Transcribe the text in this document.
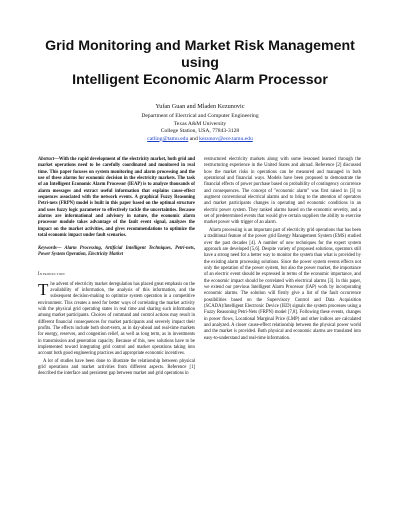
Grid Monitoring and Market Risk Management using
Intelligent Economic Alarm Processor
Yufan Guan and Mladen Kezunovic
Department of Electrical and Computer Engineering
Texas A&M University
College Station, USA, 77843-3128
catling@tamu.edu and kezunov@ece.tamu.edu

Abstract—With the rapid development of the electricity market, both grid and market operations need to be carefully coordinated and monitored in real time. This paper focuses on system monitoring and alarm processing and the use of these alarms for economic decision in the electricity markets. The task of an Intelligent Economic Alarm Processor (IEAP) is to analyze thousands of alarm messages and extract useful information that explains cause-effect sequences associated with the network events. A graphical Fuzzy Reasoning Petri-nets (FRPN) model is built in this paper based on the optimal structure and uses fuzzy logic parameter to effectively tackle the uncertainties. Because alarms are informational and advisory in nature, the economic alarm processor module takes advantage of the fault event signal, analyzes the impact on the market activities, and gives recommendations to optimize the total economic impact under fault scenarios.

Keywords— Alarm Processing, Artificial Intelligent Techniques, Petri-nets, Power System Operation, Electricity Market

Introduction

The advent of electricity market deregulation has placed great emphasis on the availability of information, the analysis of this information, and the subsequent decision-making to optimize system operation in a competitive environment. This creates a need for better ways of correlating the market activity with the physical grid operating states in real time and sharing such information among market participants. Choices of command and control actions may result in different financial consequences for market participants and severely impact their profits. The effects include both short-term, as in day-ahead and real-time markets for energy, reserves, and congestion relief, as well as long term, as in investments in transmission and generation capacity. Because of this, new solutions have to be implemented toward integrating grid control and market operations taking into account both good engineering practices and appropriate economic incentives.

A lot of studies have been done to illustrate the relationship between physical grid operations and market activities from different aspects. Reference [1] described the interface and persistent gap between market and grid operations in

restructured electricity markets along with some lessoned learned through the restructuring experience in the United States and abroad. Reference [2] discussed how the market risks in operations can be measured and managed in both operational and financial ways. Models have been proposed to demonstrate the financial effects of power purchase based on probability of contingency occurrence and consequences. The concept of "economic alarm" was first raised in [3] to augment conventional electrical alarms and to bring to the attention of operators and market participants changes in operating and economic conditions in an electric power system. They ranked alarms based on the economic severity, and a set of predetermined events that would give certain suppliers the ability to exercise market power with trigger of an alarm.

Alarm processing is an important part of electricity grid operations that has been a traditional feature of the power grid Energy Management System (EMS) studied over the past decades [4]. A number of new techniques for the expert system approach are developed [5,6]. Despite variety of proposed solutions, operators still have a strong need for a better way to monitor the system than what is provided by the existing alarm processing solutions. Since the power system events effects not only the operation of the power system, but also the power market, the importance of an electric event should be expressed in terms of the economic importance, and the economic impact should be correlated with electrical alarms [3]. In this paper, we extend our previous Intelligent Alarm Processor (IAP) work by incorporating economic alarms. The solution will firstly give a list of the fault occurrence possibilities based on the Supervisory Control and Data Acquisition (SCADA)/Intelligent Electronic Device (IED) signals the system processes using a Fuzzy Reasoning Petri-Nets (FRPN) model [7,8]. Following these events, changes in power flows, Locational Marginal Price (LMP) and other indices are calculated and analyzed. A closer cause-effect relationship between the physical power world and the market is provided. Both physical and economic alarms are translated into easy-to-understand and real-time information.
